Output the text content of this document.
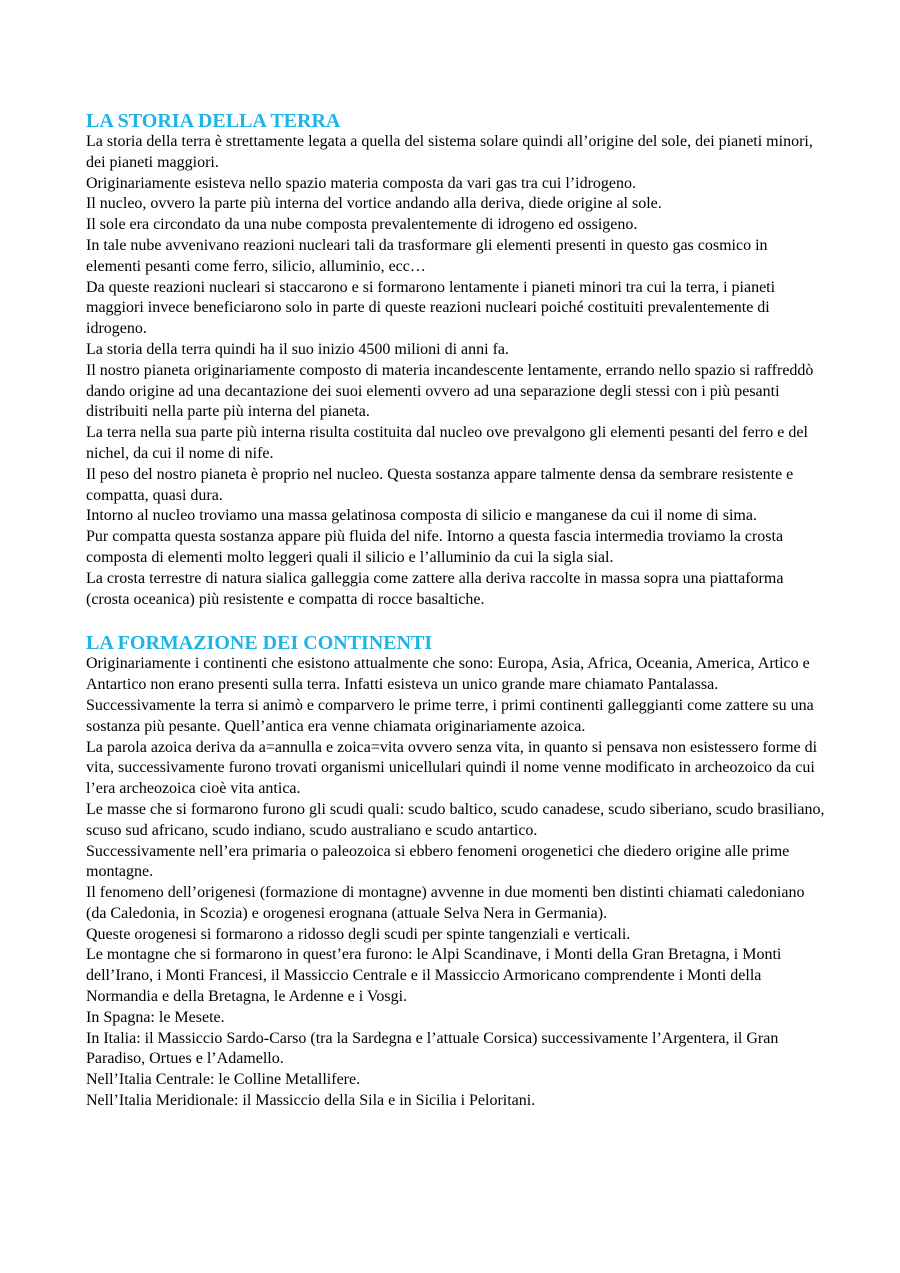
LA STORIA DELLA TERRA

La storia della terra è strettamente legata a quella del sistema solare quindi all’origine del sole, dei pianeti minori, dei pianeti maggiori.

Originariamente esisteva nello spazio materia composta da vari gas tra cui l’idrogeno.

Il nucleo, ovvero la parte più interna del vortice andando alla deriva, diede origine al sole.

Il sole era circondato da una nube composta prevalentemente di idrogeno ed ossigeno.

In tale nube avvenivano reazioni nucleari tali da trasformare gli elementi presenti in questo gas cosmico in elementi pesanti come ferro, silicio, alluminio, ecc…

Da queste reazioni nucleari si staccarono e si formarono lentamente i pianeti minori tra cui la terra, i pianeti maggiori invece beneficiarono solo in parte di queste reazioni nucleari poiché costituiti prevalentemente di idrogeno.

La storia della terra quindi ha il suo inizio 4500 milioni di anni fa.

Il nostro pianeta originariamente composto di materia incandescente lentamente, errando nello spazio si raffreddò dando origine ad una decantazione dei suoi elementi ovvero ad una separazione degli stessi con i più pesanti distribuiti nella parte più interna del pianeta.

La terra nella sua parte più interna risulta costituita dal nucleo ove prevalgono gli elementi pesanti del ferro e del nichel, da cui il nome di nife.

Il peso del nostro pianeta è proprio nel nucleo. Questa sostanza appare talmente densa da sembrare resistente e compatta, quasi dura.

Intorno al nucleo troviamo una massa gelatinosa composta di silicio e manganese da cui il nome di sima.

Pur compatta questa sostanza appare più fluida del nife. Intorno a questa fascia intermedia troviamo la crosta composta di elementi molto leggeri quali il silicio e l’alluminio da cui la sigla sial.

La crosta terrestre di natura sialica galleggia come zattere alla deriva raccolte in massa sopra una piattaforma (crosta oceanica) più resistente e compatta di rocce basaltiche.

LA FORMAZIONE DEI CONTINENTI

Originariamente i continenti che esistono attualmente che sono: Europa, Asia, Africa, Oceania, America, Artico e Antartico non erano presenti sulla terra. Infatti esisteva un unico grande mare chiamato Pantalassa.

Successivamente la terra si animò e comparvero le prime terre, i primi continenti galleggianti come zattere su una sostanza più pesante. Quell’antica era venne chiamata originariamente azoica.

La parola azoica deriva da a=annulla e zoica=vita ovvero senza vita, in quanto si pensava non esistessero forme di vita, successivamente furono trovati organismi unicellulari quindi il nome venne modificato in archeozoico da cui l’era archeozoica cioè vita antica.

Le masse che si formarono furono gli scudi quali: scudo baltico, scudo canadese, scudo siberiano, scudo brasiliano, scuso sud africano, scudo indiano, scudo australiano e scudo antartico.

Successivamente nell’era primaria o paleozoica si ebbero fenomeni orogenetici che diedero origine alle prime montagne.

Il fenomeno dell’origenesi (formazione di montagne) avvenne in due momenti ben distinti chiamati caledoniano (da Caledonia, in Scozia) e orogenesi erognana (attuale Selva Nera in Germania).

Queste orogenesi si formarono a ridosso degli scudi per spinte tangenziali e verticali.

Le montagne che si formarono in quest’era furono: le Alpi Scandinave, i Monti della Gran Bretagna, i Monti dell’Irano, i Monti Francesi, il Massiccio Centrale e il Massiccio Armoricano comprendente i Monti della Normandia e della Bretagna, le Ardenne e i Vosgi.

In Spagna: le Mesete.

In Italia: il Massiccio Sardo-Carso (tra la Sardegna e l’attuale Corsica) successivamente l’Argentera, il Gran Paradiso, Ortues e l’Adamello.

Nell’Italia Centrale: le Colline Metallifere.

Nell’Italia Meridionale: il Massiccio della Sila e in Sicilia i Peloritani.
